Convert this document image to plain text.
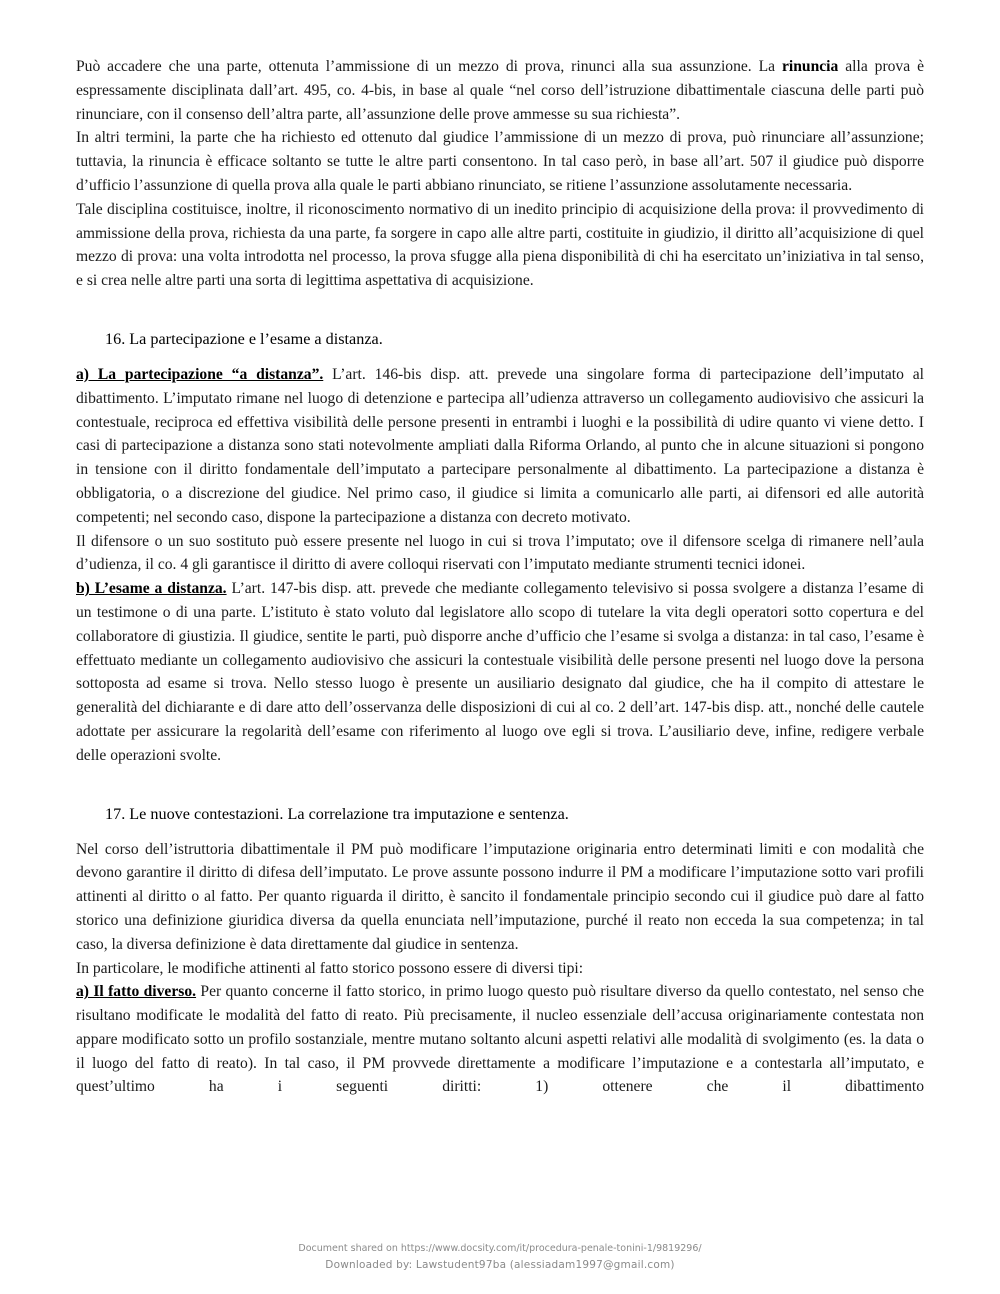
Può accadere che una parte, ottenuta l’ammissione di un mezzo di prova, rinunci alla sua assunzione. La rinuncia alla prova è espressamente disciplinata dall’art. 495, co. 4-bis, in base al quale “nel corso dell’istruzione dibattimentale ciascuna delle parti può rinunciare, con il consenso dell’altra parte, all’assunzione delle prove ammesse su sua richiesta”.

In altri termini, la parte che ha richiesto ed ottenuto dal giudice l’ammissione di un mezzo di prova, può rinunciare all’assunzione; tuttavia, la rinuncia è efficace soltanto se tutte le altre parti consentono. In tal caso però, in base all’art. 507 il giudice può disporre d’ufficio l’assunzione di quella prova alla quale le parti abbiano rinunciato, se ritiene l’assunzione assolutamente necessaria.

Tale disciplina costituisce, inoltre, il riconoscimento normativo di un inedito principio di acquisizione della prova: il provvedimento di ammissione della prova, richiesta da una parte, fa sorgere in capo alle altre parti, costituite in giudizio, il diritto all’acquisizione di quel mezzo di prova: una volta introdotta nel processo, la prova sfugge alla piena disponibilità di chi ha esercitato un’iniziativa in tal senso, e si crea nelle altre parti una sorta di legittima aspettativa di acquisizione.

16. La partecipazione e l’esame a distanza.

a) La partecipazione “a distanza”. L’art. 146-bis disp. att. prevede una singolare forma di partecipazione dell’imputato al dibattimento. L’imputato rimane nel luogo di detenzione e partecipa all’udienza attraverso un collegamento audiovisivo che assicuri la contestuale, reciproca ed effettiva visibilità delle persone presenti in entrambi i luoghi e la possibilità di udire quanto vi viene detto. I casi di partecipazione a distanza sono stati notevolmente ampliati dalla Riforma Orlando, al punto che in alcune situazioni si pongono in tensione con il diritto fondamentale dell’imputato a partecipare personalmente al dibattimento. La partecipazione a distanza è obbligatoria, o a discrezione del giudice. Nel primo caso, il giudice si limita a comunicarlo alle parti, ai difensori ed alle autorità competenti; nel secondo caso, dispone la partecipazione a distanza con decreto motivato.

Il difensore o un suo sostituto può essere presente nel luogo in cui si trova l’imputato; ove il difensore scelga di rimanere nell’aula d’udienza, il co. 4 gli garantisce il diritto di avere colloqui riservati con l’imputato mediante strumenti tecnici idonei.

b) L’esame a distanza. L’art. 147-bis disp. att. prevede che mediante collegamento televisivo si possa svolgere a distanza l’esame di un testimone o di una parte. L’istituto è stato voluto dal legislatore allo scopo di tutelare la vita degli operatori sotto copertura e del collaboratore di giustizia. Il giudice, sentite le parti, può disporre anche d’ufficio che l’esame si svolga a distanza: in tal caso, l’esame è effettuato mediante un collegamento audiovisivo che assicuri la contestuale visibilità delle persone presenti nel luogo dove la persona sottoposta ad esame si trova. Nello stesso luogo è presente un ausiliario designato dal giudice, che ha il compito di attestare le generalità del dichiarante e di dare atto dell’osservanza delle disposizioni di cui al co. 2 dell’art. 147-bis disp. att., nonché delle cautele adottate per assicurare la regolarità dell’esame con riferimento al luogo ove egli si trova. L’ausiliario deve, infine, redigere verbale delle operazioni svolte.

17. Le nuove contestazioni. La correlazione tra imputazione e sentenza.

Nel corso dell’istruttoria dibattimentale il PM può modificare l’imputazione originaria entro determinati limiti e con modalità che devono garantire il diritto di difesa dell’imputato. Le prove assunte possono indurre il PM a modificare l’imputazione sotto vari profili attinenti al diritto o al fatto. Per quanto riguarda il diritto, è sancito il fondamentale principio secondo cui il giudice può dare al fatto storico una definizione giuridica diversa da quella enunciata nell’imputazione, purché il reato non ecceda la sua competenza; in tal caso, la diversa definizione è data direttamente dal giudice in sentenza.

In particolare, le modifiche attinenti al fatto storico possono essere di diversi tipi:

a) Il fatto diverso. Per quanto concerne il fatto storico, in primo luogo questo può risultare diverso da quello contestato, nel senso che risultano modificate le modalità del fatto di reato. Più precisamente, il nucleo essenziale dell’accusa originariamente contestata non appare modificato sotto un profilo sostanziale, mentre mutano soltanto alcuni aspetti relativi alle modalità di svolgimento (es. la data o il luogo del fatto di reato). In tal caso, il PM provvede direttamente a modificare l’imputazione e a contestarla all’imputato, e quest’ultimo ha i seguenti diritti: 1) ottenere che il dibattimento

Document shared on https://www.docsity.com/it/procedura-penale-tonini-1/9819296/
Downloaded by: Lawstudent97ba (alessiadam1997@gmail.com)
